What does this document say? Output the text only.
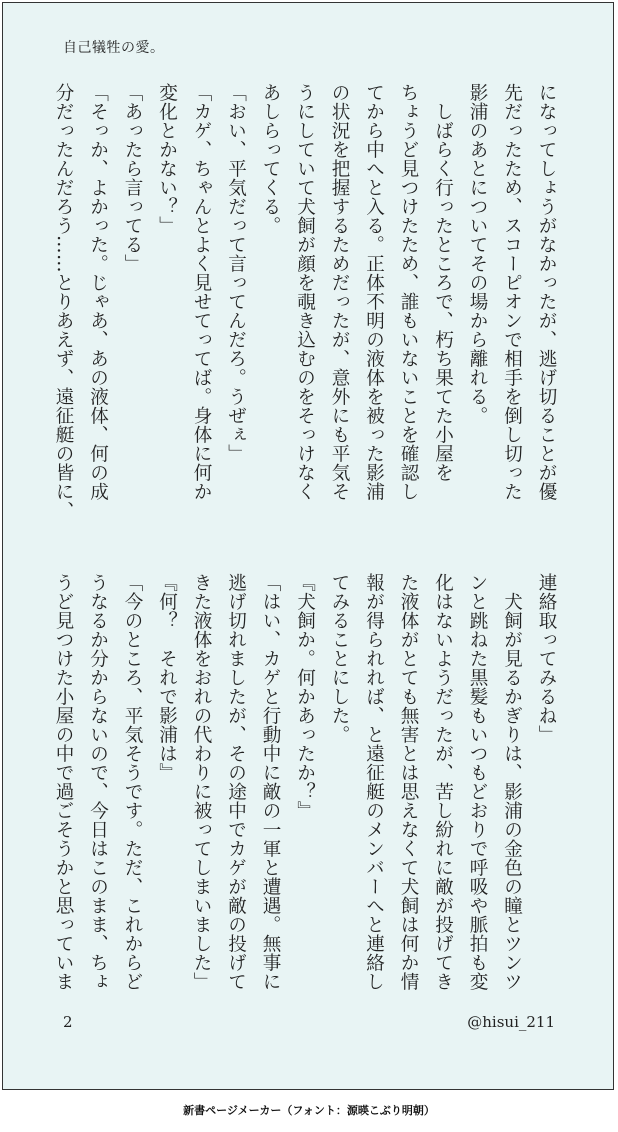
自己犠牲の愛。
になってしょうがなかったが、逃げ切ることが優
先だったため、スコーピオンで相手を倒し切った
影浦のあとについてその場から離れる。
　しばらく行ったところで、朽ち果てた小屋を
ちょうど見つけたため、誰もいないことを確認し
てから中へと入る。正体不明の液体を被った影浦
の状況を把握するためだったが、意外にも平気そ
うにしていて犬飼が顔を覗き込むのをそっけなく
あしらってくる。
「おい、平気だって言ってんだろ。うぜぇ」
「カゲ、ちゃんとよく見せてってば。身体に何か
変化とかない？」
「あったら言ってる」
「そっか、よかった。じゃあ、あの液体、何の成
分だったんだろう……とりあえず、遠征艇の皆に、
連絡取ってみるね」
　犬飼が見るかぎりは、影浦の金色の瞳とツンツ
ンと跳ねた黒髪もいつもどおりで呼吸や脈拍も変
化はないようだったが、苦し紛れに敵が投げてき
た液体がとても無害とは思えなくて犬飼は何か情
報が得られれば、と遠征艇のメンバーへと連絡し
てみることにした。
『犬飼か。何かあったか？』
「はい、カゲと行動中に敵の一軍と遭遇。無事に
逃げ切れましたが、その途中でカゲが敵の投げて
きた液体をおれの代わりに被ってしまいました」
『何？　それで影浦は』
「今のところ、平気そうです。ただ、これからど
うなるか分からないので、今日はこのまま、ちょ
うど見つけた小屋の中で過ごそうかと思っていま
2	@hisui_211
新書ページメーカー（フォント：源暎こぶり明朝）
